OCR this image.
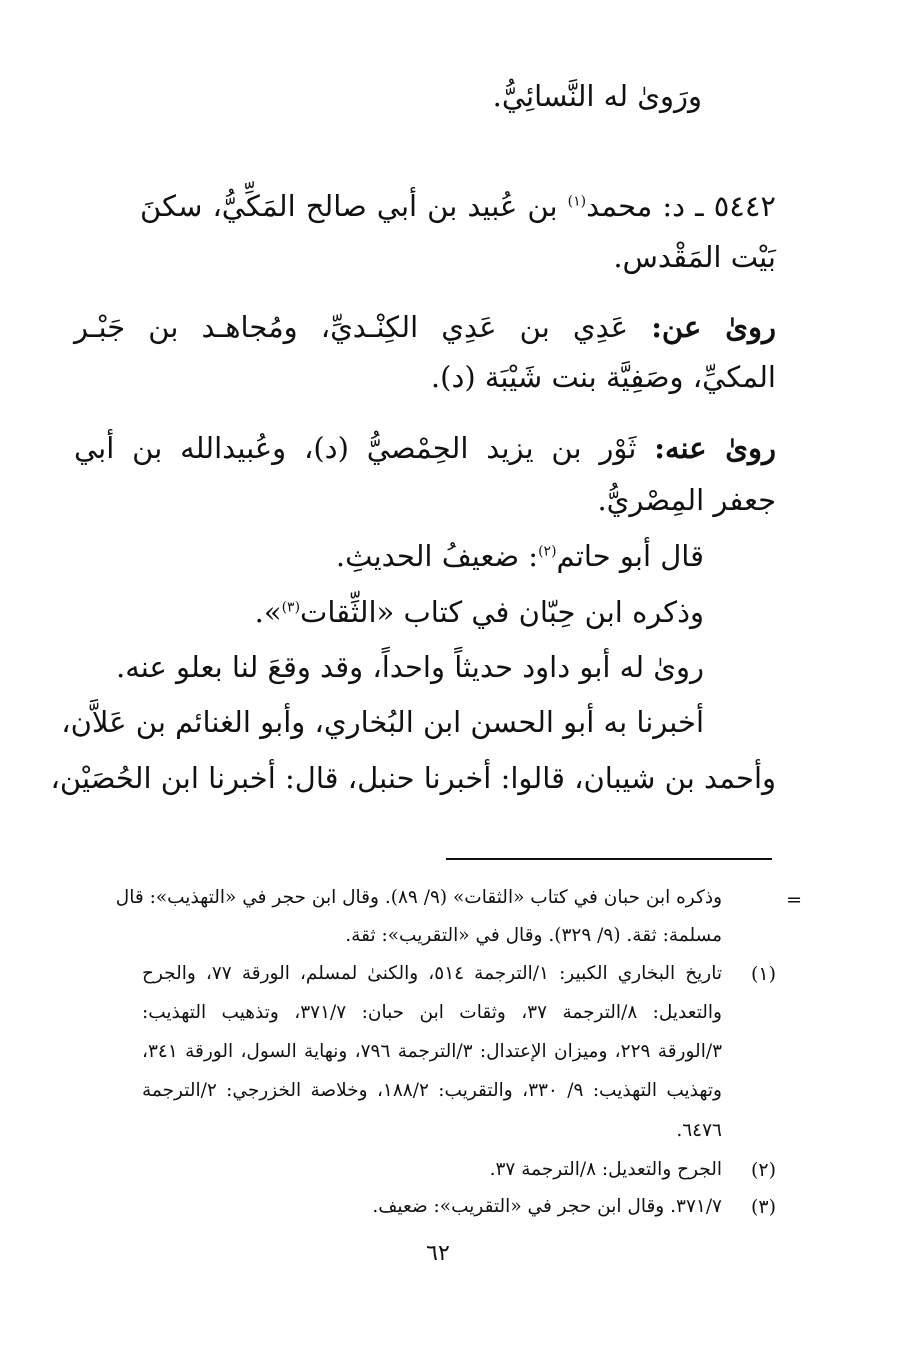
ورَوىٰ له النَّسائِيُّ.
٥٤٤٢ ـ د: محمد$^{(١)}$ بن عُبيد بن أبي صالح المَكِّيُّ، سكنَ
بَيْت المَقْدس.
روىٰ عن: عَدِي بن عَدِي الكِنْـديِّ، ومُجاهـد بن جَبْـر
المكيِّ، وصَفِيَّة بنت شَيْبَة (د).
روىٰ عنه: ثَوْر بن يزيد الحِمْصيُّ (د)، وعُبيدالله بن أبي
جعفر المِصْريُّ.
قال أبو حاتم$^{(٢)}$: ضعيفُ الحديثِ.
وذكره ابن حِبّان في كتاب «الثِّقات$^{(٣)}$».
روىٰ له أبو داود حديثاً واحداً، وقد وقعَ لنا بعلو عنه.
أخبرنا به أبو الحسن ابن البُخاري، وأبو الغنائم بن عَلاَّن،
وأحمد بن شيبان، قالوا: أخبرنا حنبل، قال: أخبرنا ابن الحُصَيْن،
=
وذكره ابن حبان في كتاب «الثقات» (٩/ ٨٩). وقال ابن حجر في «التهذيب»: قال
مسلمة: ثقة. (٩/ ٣٢٩). وقال في «التقريب»: ثقة.
(١)
تاريخ البخاري الكبير: ١/الترجمة ٥١٤، والكنىٰ لمسلم، الورقة ٧٧، والجرح
والتعديل: ٨/الترجمة ٣٧، وثقات ابن حبان: ٣٧١/٧، وتذهيب التهذيب:
٣/الورقة ٢٢٩، وميزان الإعتدال: ٣/الترجمة ٧٩٦، ونهاية السول، الورقة ٣٤١،
وتهذيب التهذيب: ٩/ ٣٣٠، والتقريب: ١٨٨/٢، وخلاصة الخزرجي: ٢/الترجمة
٦٤٧٦.
(٢)
الجرح والتعديل: ٨/الترجمة ٣٧.
(٣)
٣٧١/٧. وقال ابن حجر في «التقريب»: ضعيف.
٦٢
